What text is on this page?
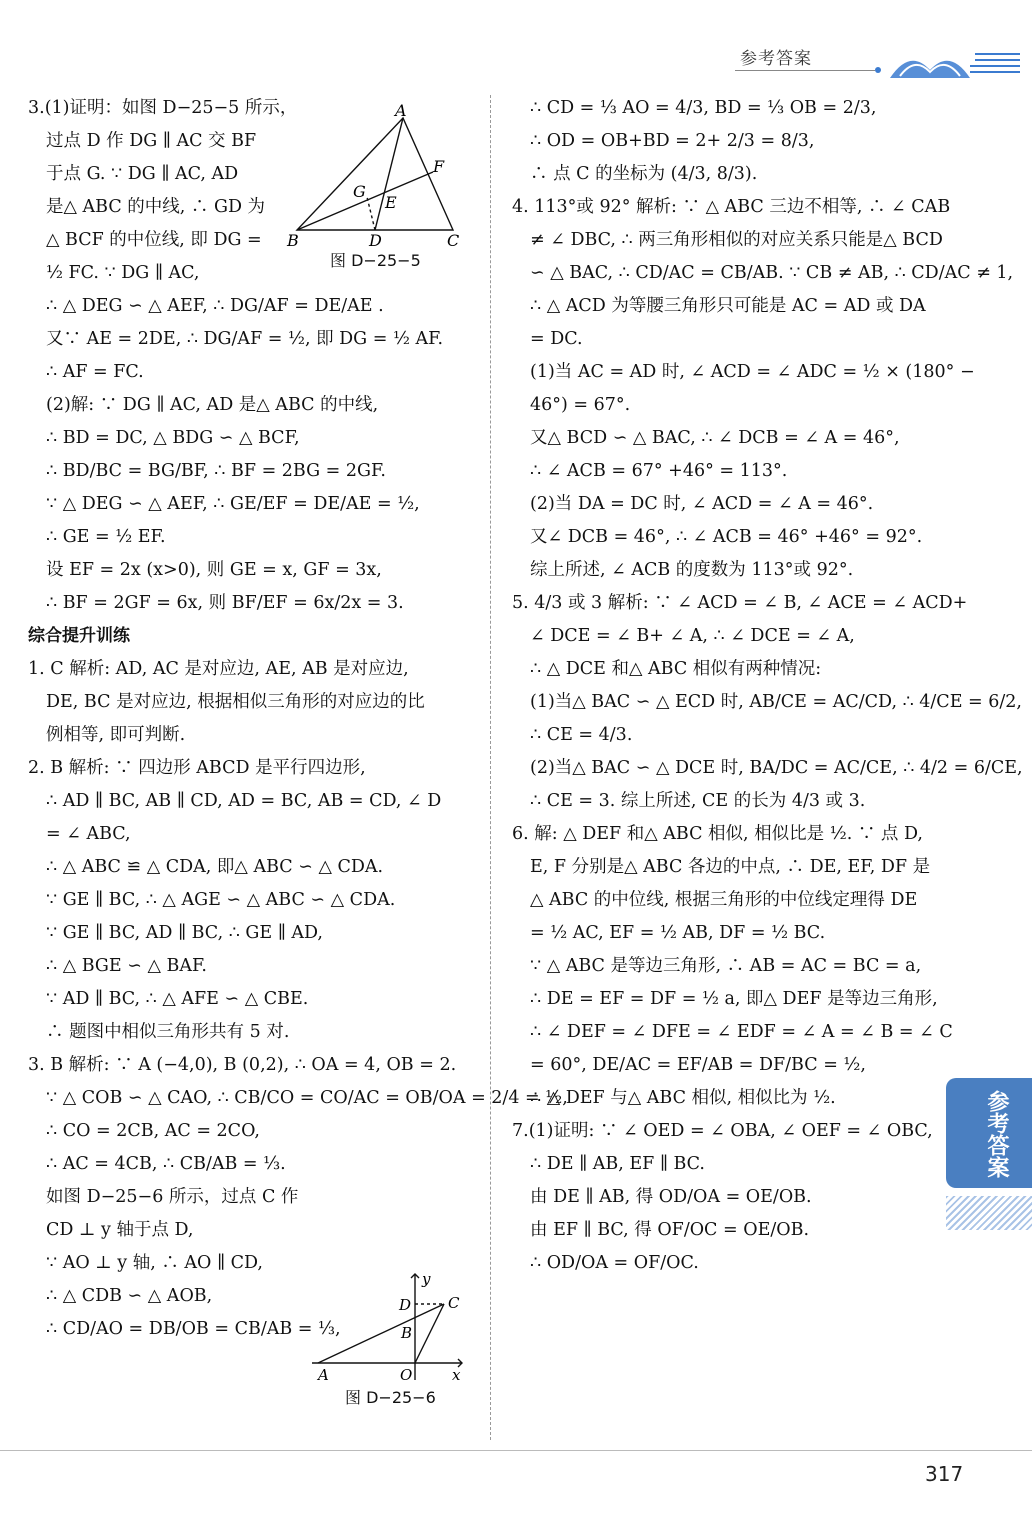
参考答案
3.(1)证明：如图 D−25−5 所示，
过点 D 作 DG ∥ AC 交 BF
于点 G. ∵ DG ∥ AC, AD
是△ ABC 的中线, ∴ GD 为
△ BCF 的中位线, 即 DG =
½ FC. ∵ DG ∥ AC,
∴ △ DEG ∽ △ AEF, ∴ DG/AF = DE/AE .
又∵ AE = 2DE, ∴ DG/AF = ½, 即 DG = ½ AF.
∴ AF = FC.
(2)解: ∵ DG ∥ AC, AD 是△ ABC 的中线,
∴ BD = DC, △ BDG ∽ △ BCF,
∴ BD/BC = BG/BF, ∴ BF = 2BG = 2GF.
∵ △ DEG ∽ △ AEF, ∴ GE/EF = DE/AE = ½,
∴ GE = ½ EF.
设 EF = 2x (x>0), 则 GE = x, GF = 3x,
∴ BF = 2GF = 6x, 则 BF/EF = 6x/2x = 3.
综合提升训练
1. C 解析: AD, AC 是对应边, AE, AB 是对应边,
DE, BC 是对应边, 根据相似三角形的对应边的比
例相等, 即可判断.
2. B 解析: ∵ 四边形 ABCD 是平行四边形,
∴ AD ∥ BC, AB ∥ CD, AD = BC, AB = CD, ∠ D
= ∠ ABC,
∴ △ ABC ≌ △ CDA, 即△ ABC ∽ △ CDA.
∵ GE ∥ BC, ∴ △ AGE ∽ △ ABC ∽ △ CDA.
∵ GE ∥ BC, AD ∥ BC, ∴ GE ∥ AD,
∴ △ BGE ∽ △ BAF.
∵ AD ∥ BC, ∴ △ AFE ∽ △ CBE.
∴ 题图中相似三角形共有 5 对.
3. B 解析: ∵ A (−4,0), B (0,2), ∴ OA = 4, OB = 2.
∵ △ COB ∽ △ CAO, ∴ CB/CO = CO/AC = OB/OA = 2/4 = ½,
∴ CO = 2CB, AC = 2CO,
∴ AC = 4CB, ∴ CB/AB = ⅓.
如图 D−25−6 所示，过点 C 作
CD ⊥ y 轴于点 D,
∵ AO ⊥ y 轴, ∴ AO ∥ CD,
∴ △ CDB ∽ △ AOB,
∴ CD/AO = DB/OB = CB/AB = ⅓,
∴ CD = ⅓ AO = 4/3, BD = ⅓ OB = 2/3,
∴ OD = OB+BD = 2+ 2/3 = 8/3,
∴ 点 C 的坐标为 (4/3, 8/3).
4. 113°或 92° 解析: ∵ △ ABC 三边不相等, ∴ ∠ CAB
≠ ∠ DBC, ∴ 两三角形相似的对应关系只能是△ BCD
∽ △ BAC, ∴ CD/AC = CB/AB. ∵ CB ≠ AB, ∴ CD/AC ≠ 1,
∴ △ ACD 为等腰三角形只可能是 AC = AD 或 DA
= DC.
(1)当 AC = AD 时, ∠ ACD = ∠ ADC = ½ × (180° −
46°) = 67°.
又△ BCD ∽ △ BAC, ∴ ∠ DCB = ∠ A = 46°,
∴ ∠ ACB = 67° +46° = 113°.
(2)当 DA = DC 时, ∠ ACD = ∠ A = 46°.
又∠ DCB = 46°, ∴ ∠ ACB = 46° +46° = 92°.
综上所述, ∠ ACB 的度数为 113°或 92°.
5. 4/3 或 3 解析: ∵ ∠ ACD = ∠ B, ∠ ACE = ∠ ACD+
∠ DCE = ∠ B+ ∠ A, ∴ ∠ DCE = ∠ A,
∴ △ DCE 和△ ABC 相似有两种情况:
(1)当△ BAC ∽ △ ECD 时, AB/CE = AC/CD, ∴ 4/CE = 6/2,
∴ CE = 4/3.
(2)当△ BAC ∽ △ DCE 时, BA/DC = AC/CE, ∴ 4/2 = 6/CE,
∴ CE = 3. 综上所述, CE 的长为 4/3 或 3.
6. 解: △ DEF 和△ ABC 相似, 相似比是 ½. ∵ 点 D,
E, F 分别是△ ABC 各边的中点, ∴ DE, EF, DF 是
△ ABC 的中位线, 根据三角形的中位线定理得 DE
= ½ AC, EF = ½ AB, DF = ½ BC.
∵ △ ABC 是等边三角形, ∴ AB = AC = BC = a,
∴ DE = EF = DF = ½ a, 即△ DEF 是等边三角形,
∴ ∠ DEF = ∠ DFE = ∠ EDF = ∠ A = ∠ B = ∠ C
= 60°, DE/AC = EF/AB = DF/BC = ½,
∴ △ DEF 与△ ABC 相似, 相似比为 ½.
7.(1)证明: ∵ ∠ OED = ∠ OBA, ∠ OEF = ∠ OBC,
∴ DE ∥ AB, EF ∥ BC.
由 DE ∥ AB, 得 OD/OA = OE/OB.
由 EF ∥ BC, 得 OF/OC = OE/OB.
∴ OD/OA = OF/OC.
A
B	C
D
E
F
G
图 D−25−5
y
D C
B
O
A	x
图 D−25−6
参考答案
317
